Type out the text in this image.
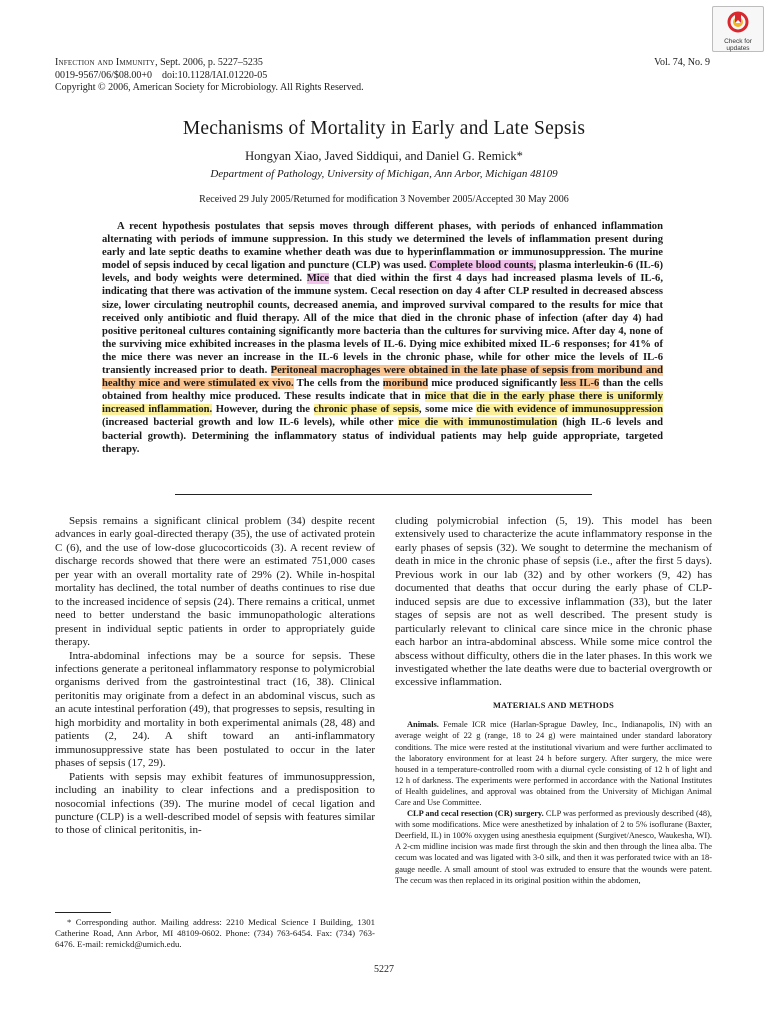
Infection and Immunity, Sept. 2006, p. 5227–5235
0019-9567/06/$08.00+0    doi:10.1128/IAI.01220-05
Copyright © 2006, American Society for Microbiology. All Rights Reserved.
Vol. 74, No. 9
Check for
updates
Mechanisms of Mortality in Early and Late Sepsis
Hongyan Xiao, Javed Siddiqui, and Daniel G. Remick*
Department of Pathology, University of Michigan, Ann Arbor, Michigan 48109
Received 29 July 2005/Returned for modification 3 November 2005/Accepted 30 May 2006

A recent hypothesis postulates that sepsis moves through different phases, with periods of enhanced inflammation alternating with periods of immune suppression. In this study we determined the levels of inflammation present during early and late septic deaths to examine whether death was due to hyperinflammation or immunosuppression. The murine model of sepsis induced by cecal ligation and puncture (CLP) was used. Complete blood counts, plasma interleukin-6 (IL-6) levels, and body weights were determined. Mice that died within the first 4 days had increased plasma levels of IL-6, indicating that there was activation of the immune system. Cecal resection on day 4 after CLP resulted in decreased abscess size, lower circulating neutrophil counts, decreased anemia, and improved survival compared to the results for mice that received only antibiotic and fluid therapy. All of the mice that died in the chronic phase of infection (after day 4) had positive peritoneal cultures containing significantly more bacteria than the cultures for surviving mice. After day 4, none of the surviving mice exhibited increases in the plasma levels of IL-6. Dying mice exhibited mixed IL-6 responses; for 41% of the mice there was never an increase in the IL-6 levels in the chronic phase, while for other mice the levels of IL-6 transiently increased prior to death. Peritoneal macrophages were obtained in the late phase of sepsis from moribund and healthy mice and were stimulated ex vivo. The cells from the moribund mice produced significantly less IL-6 than the cells obtained from healthy mice produced. These results indicate that in mice that die in the early phase there is uniformly increased inflammation. However, during the chronic phase of sepsis, some mice die with evidence of immunosuppression (increased bacterial growth and low IL-6 levels), while other mice die with immunostimulation (high IL-6 levels and bacterial growth). Determining the inflammatory status of individual patients may help guide appropriate, targeted therapy.

Sepsis remains a significant clinical problem (34) despite recent advances in early goal-directed therapy (35), the use of activated protein C (6), and the use of low-dose glucocorticoids (3). A recent review of discharge records showed that there were an estimated 751,000 cases per year with an overall mortality rate of 29% (2). While in-hospital mortality has declined, the total number of deaths continues to rise due to the increased incidence of sepsis (24). There remains a critical, unmet need to better understand the basic immunopathologic alterations present in individual septic patients in order to appropriately guide therapy.

Intra-abdominal infections may be a source for sepsis. These infections generate a peritoneal inflammatory response to polymicrobial organisms derived from the gastrointestinal tract (16, 38). Clinical peritonitis may originate from a defect in an abdominal viscus, such as an acute intestinal perforation (49), that progresses to sepsis, resulting in high morbidity and mortality in both experimental animals (28, 48) and patients (2, 24). A shift toward an anti-inflammatory immunosuppressive state has been postulated to occur in the later phases of sepsis (17, 29).

Patients with sepsis may exhibit features of immunosuppression, including an inability to clear infections and a predisposition to nosocomial infections (39). The murine model of cecal ligation and puncture (CLP) is a well-described model of sepsis with features similar to those of clinical peritonitis, in-

* Corresponding author. Mailing address: 2210 Medical Science I Building, 1301 Catherine Road, Ann Arbor, MI 48109-0602. Phone: (734) 763-6454. Fax: (734) 763-6476. E-mail: remickd@umich.edu.

cluding polymicrobial infection (5, 19). This model has been extensively used to characterize the acute inflammatory response in the early phases of sepsis (32). We sought to determine the mechanism of death in mice in the chronic phase of sepsis (i.e., after the first 5 days). Previous work in our lab (32) and by other workers (9, 42) has documented that deaths that occur during the early phase of CLP-induced sepsis are due to excessive inflammation (33), but the later stages of sepsis are not as well described. The present study is particularly relevant to clinical care since mice in the chronic phase each harbor an intra-abdominal abscess. While some mice control the abscess without difficulty, others die in the later phases. In this work we investigated whether the late deaths were due to bacterial overgrowth or excessive inflammation.

MATERIALS AND METHODS

Animals. Female ICR mice (Harlan-Sprague Dawley, Inc., Indianapolis, IN) with an average weight of 22 g (range, 18 to 24 g) were maintained under standard laboratory conditions. The mice were rested at the institutional vivarium and were further acclimated to the laboratory environment for at least 24 h before surgery. After surgery, the mice were housed in a temperature-controlled room with a diurnal cycle consisting of 12 h of light and 12 h of darkness. The experiments were performed in accordance with the National Institutes of Health guidelines, and approval was obtained from the University of Michigan Animal Care and Use Committee.

CLP and cecal resection (CR) surgery. CLP was performed as previously described (48), with some modifications. Mice were anesthetized by inhalation of 2 to 5% isoflurane (Baxter, Deerfield, IL) in 100% oxygen using anesthesia equipment (Surgivet/Anesco, Waukesha, WI). A 2-cm midline incision was made first through the skin and then through the linea alba. The cecum was located and was ligated with 3-0 silk, and then it was perforated twice with an 18-gauge needle. A small amount of stool was extruded to ensure that the wounds were patent. The cecum was then replaced in its original position within the abdomen,

5227
